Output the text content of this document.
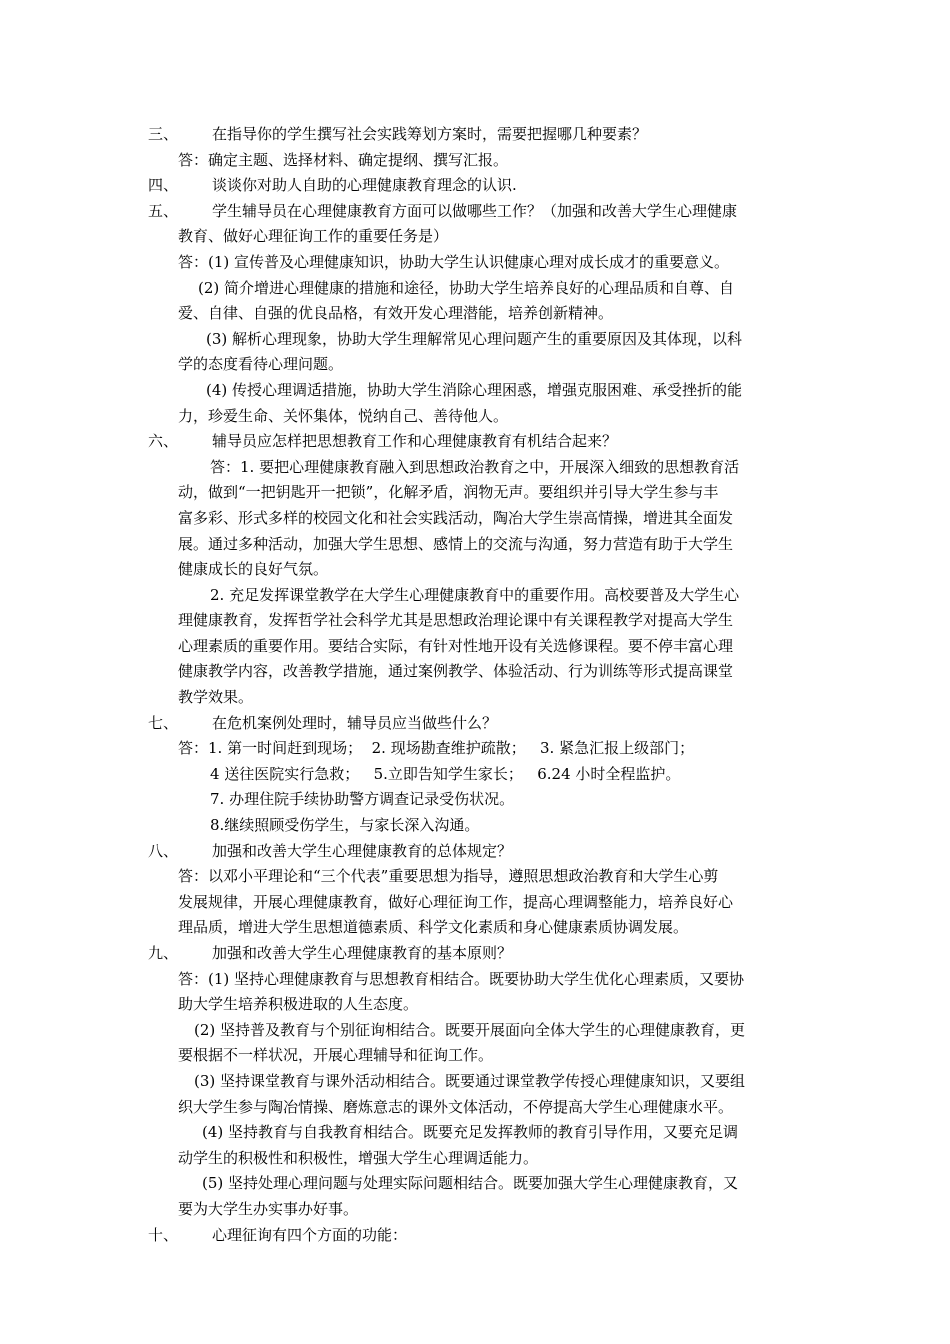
三、	在指导你的学生撰写社会实践筹划方案时，需要把握哪几种要素？
答：确定主题、选择材料、确定提纲、撰写汇报。
四、	谈谈你对助人自助的心理健康教育理念的认识.
五、	学生辅导员在心理健康教育方面可以做哪些工作？（加强和改善大学生心理健康
教育、做好心理征询工作的重要任务是）
答：(1) 宣传普及心理健康知识，协助大学生认识健康心理对成长成才的重要意义。
(2) 简介增进心理健康的措施和途径，协助大学生培养良好的心理品质和自尊、自
爱、自律、自强的优良品格，有效开发心理潜能，培养创新精神。
(3) 解析心理现象，协助大学生理解常见心理问题产生的重要原因及其体现，以科
学的态度看待心理问题。
(4) 传授心理调适措施，协助大学生消除心理困惑，增强克服困难、承受挫折的能
力，珍爱生命、关怀集体，悦纳自己、善待他人。
六、	辅导员应怎样把思想教育工作和心理健康教育有机结合起来？
答：1. 要把心理健康教育融入到思想政治教育之中，开展深入细致的思想教育活
动，做到“一把钥匙开一把锁”，化解矛盾，润物无声。要组织并引导大学生参与丰
富多彩、形式多样的校园文化和社会实践活动，陶冶大学生崇高情操，增进其全面发
展。通过多种活动，加强大学生思想、感情上的交流与沟通，努力营造有助于大学生
健康成长的良好气氛。
2. 充足发挥课堂教学在大学生心理健康教育中的重要作用。高校要普及大学生心
理健康教育，发挥哲学社会科学尤其是思想政治理论课中有关课程教学对提高大学生
心理素质的重要作用。要结合实际，有针对性地开设有关选修课程。要不停丰富心理
健康教学内容，改善教学措施，通过案例教学、体验活动、行为训练等形式提高课堂
教学效果。
七、	在危机案例处理时，辅导员应当做些什么？
答：1. 第一时间赶到现场；  2. 现场勘查维护疏散；   3. 紧急汇报上级部门；
4 送往医院实行急救；   5.立即告知学生家长；   6.24 小时全程监护。
7. 办理住院手续协助警方调查记录受伤状况。
8.继续照顾受伤学生，与家长深入沟通。
八、	加强和改善大学生心理健康教育的总体规定？
答：以邓小平理论和“三个代表”重要思想为指导，遵照思想政治教育和大学生心剪
发展规律，开展心理健康教育，做好心理征询工作，提高心理调整能力，培养良好心
理品质，增进大学生思想道德素质、科学文化素质和身心健康素质协调发展。
九、	加强和改善大学生心理健康教育的基本原则？
答：(1) 坚持心理健康教育与思想教育相结合。既要协助大学生优化心理素质，又要协
助大学生培养积极进取的人生态度。
(2) 坚持普及教育与个别征询相结合。既要开展面向全体大学生的心理健康教育，更
要根据不一样状况，开展心理辅导和征询工作。
(3) 坚持课堂教育与课外活动相结合。既要通过课堂教学传授心理健康知识，又要组
织大学生参与陶冶情操、磨炼意志的课外文体活动，不停提高大学生心理健康水平。
(4) 坚持教育与自我教育相结合。既要充足发挥教师的教育引导作用，又要充足调
动学生的积极性和积极性，增强大学生心理调适能力。
(5) 坚持处理心理问题与处理实际问题相结合。既要加强大学生心理健康教育，又
要为大学生办实事办好事。
十、	心理征询有四个方面的功能：
